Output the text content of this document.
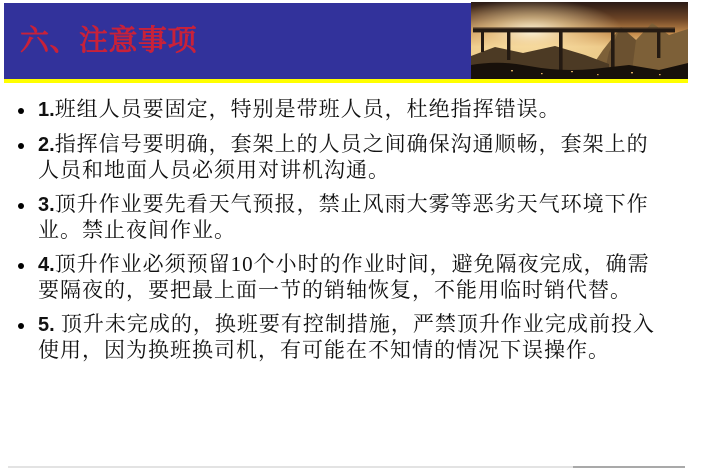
六、注意事项
1.班组人员要固定，特别是带班人员，杜绝指挥错误。
2.指挥信号要明确，套架上的人员之间确保沟通顺畅，套架上的
人员和地面人员必须用对讲机沟通。
3.顶升作业要先看天气预报，禁止风雨大雾等恶劣天气环境下作
业。禁止夜间作业。
4.顶升作业必须预留10个小时的作业时间，避免隔夜完成，确需
要隔夜的，要把最上面一节的销轴恢复，不能用临时销代替。
5. 顶升未完成的，换班要有控制措施，严禁顶升作业完成前投入
使用，因为换班换司机，有可能在不知情的情况下误操作。
